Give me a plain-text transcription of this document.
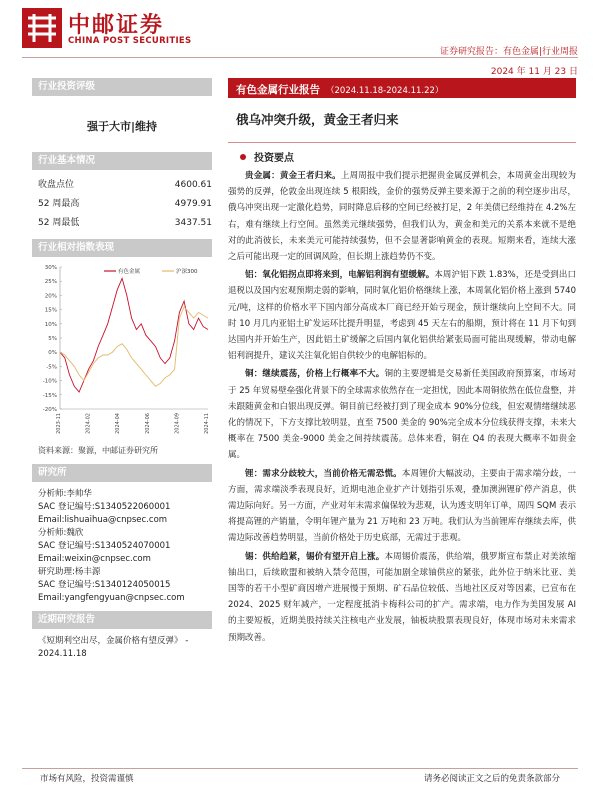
中邮证券
CHINA POST SECURITIES
证券研究报告：有色金属|行业周报
2024 年 11 月 23 日
行业投资评级
强于大市|维持
行业基本情况
收盘点位	4600.61
52 周最高	4979.91
52 周最低	3437.51
行业相对指数表现
30%
25%
20%
15%
10%
5%
0%
-5%
-10%
-15%
-20%
2023-11	2024-02	2024-04	2024-06	2024-09	2024-11
有色金属	沪深300
资料来源：聚源，中邮证券研究所
研究所
分析师:李帅华
SAC 登记编号:S1340522060001
Email:lishuaihua@cnpsec.com
分析师:魏欣
SAC 登记编号:S1340524070001
Email:weixin@cnpsec.com
研究助理:杨丰源
SAC 登记编号:S1340124050015
Email:yangfengyuan@cnpsec.com
近期研究报告
《短期利空出尽，金属价格有望反弹》 - 2024.11.18
有色金属行业报告 （2024.11.18-2024.11.22）
俄乌冲突升级，黄金王者归来
投资要点

贵金属：黄金王者归来。上周周报中我们提示把握贵金属反弹机会，本周黄金出现较为强势的反弹，伦敦金出现连续 5 根阳线，金价的强势反弹主要来源于之前的利空逐步出尽，俄乌冲突出现一定激化趋势，同时降息后移的空间已经被打足，2 年美债已经维持在 4.2%左右，难有继续上行空间。虽然美元继续强势，但我们认为，黄金和美元的关系本来就不是绝对的此消彼长，未来美元可能持续强势，但不会显著影响黄金的表现。短期来看，连续大涨之后可能出现一定的回调风险，但长期上涨趋势仍不变。

铝：氧化铝拐点即将来到，电解铝利润有望缓解。本周沪铝下跌 1.83%，还是受到出口退税以及国内宏观预期走弱的影响，同时氧化铝价格继续上涨，本周氧化铝价格上涨到 5740 元/吨，这样的价格水平下国内部分高成本厂商已经开始亏现金，预计继续向上空间不大。同时 10 月几内亚铝土矿发运环比提升明显，考虑到 45 天左右的船期，预计将在 11 月下旬到达国内并开始生产，因此铝土矿缓解之后国内氧化铝供给紧张局面可能出现缓解，带动电解铝利润提升，建议关注氧化铝自供较少的电解铝标的。

铜：继续震荡，价格上行概率不大。铜的主要逻辑是交易新任美国政府预算案，市场对于 25 年贸易壁垒强化背景下的全球需求依然存在一定担忧，因此本周铜依然在低位盘整，并未跟随黄金和白银出现反弹。铜目前已经被打到了现金成本 90%分位线，但宏观情绪继续恶化的情况下，下方支撑比较明显，直至 7500 美金的 90%完全成本分位线获得支撑，未来大概率在 7500 美金-9000 美金之间持续震荡。总体来看，铜在 Q4 的表现大概率不如贵金属。

锂：需求分歧较大，当前价格无需恐慌。本周锂价大幅波动，主要由于需求端分歧，一方面，需求端淡季表现良好，近期电池企业扩产计划指引乐观，叠加澳洲锂矿停产消息，供需边际向好。另一方面，产业对年末需求偏保较为悲观，认为透支明年订单，周四 SQM 表示将提高锂的产销量，令明年锂产量为 21 万吨和 23 万吨。我们认为当前锂库存继续去库，供需边际改善趋势明显，当前价格处于历史底部，无需过于悲观。

锡：供给趋紧，锡价有望开启上涨。本周锡价震荡，供给端，俄罗斯宣布禁止对美浓缩铀出口，后续欧盟和被纳入禁令范围，可能加剧全球铀供应的紧张，此外位于纳米比亚、美国等的若干小型矿商因增产进展慢于预期、矿石品位较低、当地社区反对等因素，已宣布在 2024、2025 财年减产，一定程度抵消卡梅科公司的扩产。需求端，电力作为美国发展 AI 的主要短板，近期美股持续关注核电产业发展，铀板块股票表现良好，体现市场对未来需求预期改善。

市场有风险，投资需谨慎	请务必阅读正文之后的免责条款部分
